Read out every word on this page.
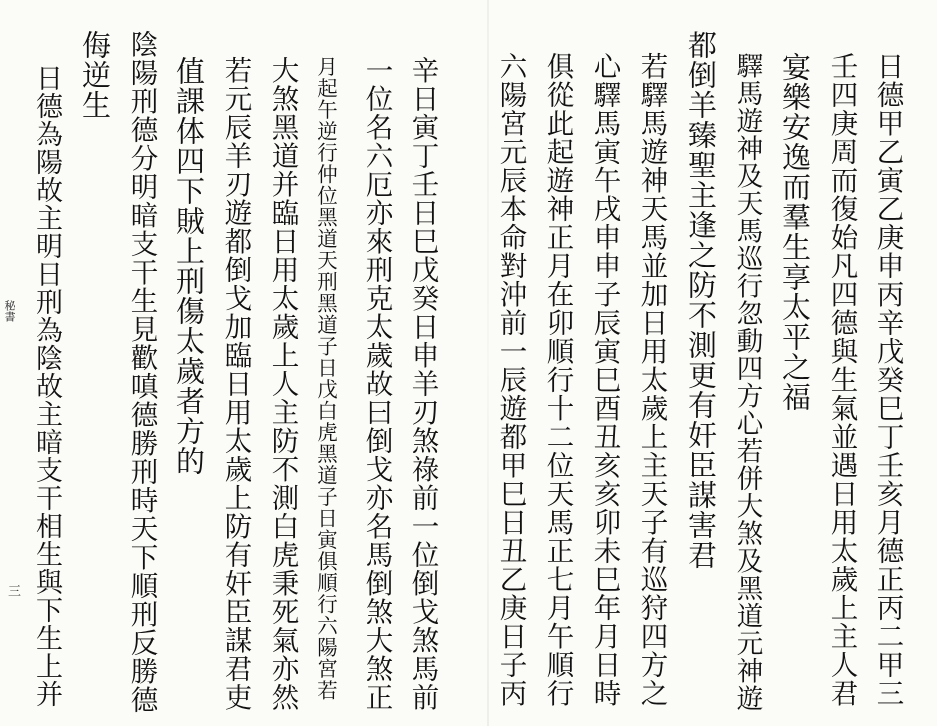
日德甲乙寅乙庚申丙辛戊癸巳丁壬亥月德正丙二甲三
壬四庚周而復始凡四德與生氣並遇日用太歲上主人君
宴樂安逸而羣生享太平之福
驛馬遊神及天馬巡行忽動四方心若併大煞及黑道元神遊
都倒羊臻聖主逢之防不測更有奸臣謀害君
若驛馬遊神天馬並加日用太歲上主天子有巡狩四方之
心驛馬寅午戌申申子辰寅巳酉丑亥亥卯未巳年月日時
俱從此起遊神正月在卯順行十二位天馬正七月午順行
六陽宮元辰本命對沖前一辰遊都甲巳日丑乙庚日子丙
辛日寅丁壬日巳戊癸日申羊刃煞祿前一位倒戈煞馬前
一位名六厄亦來刑克太歲故曰倒戈亦名馬倒煞大煞正
月起午逆行仲位黑道天刑黑道子日戊白虎黑道子日寅俱順行六陽宮若
大煞黑道并臨日用太歲上人主防不測白虎秉死氣亦然
若元辰羊刃遊都倒戈加臨日用太歲上防有奸臣謀君吏
值課体四下賊上刑傷太歲者方的
陰陽刑德分明暗支干生見歡嗔德勝刑時天下順刑反勝德
侮逆生
日德為陽故主明日刑為陰故主暗支干相生與下生上并
秘書
三
